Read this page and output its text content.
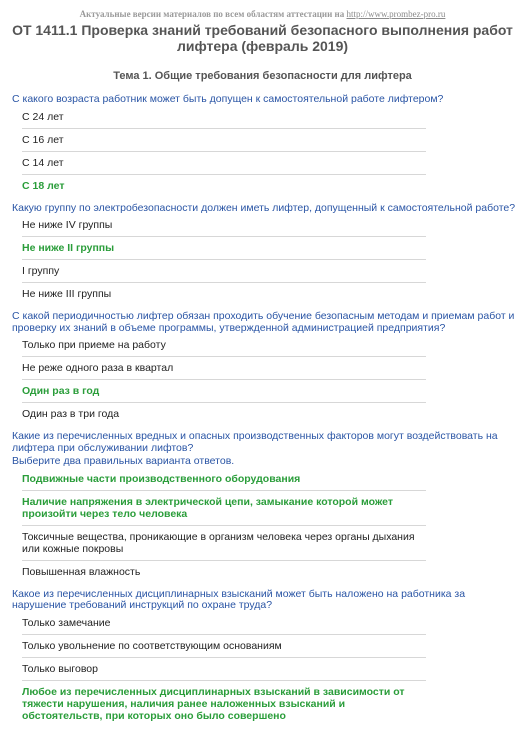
Актуальные версии материалов по всем областям аттестации на http://www.prombez-pro.ru
ОТ 1411.1 Проверка знаний требований безопасного выполнения работ лифтера (февраль 2019)
Тема 1. Общие требования безопасности для лифтера
С какого возраста работник может быть допущен к самостоятельной работе лифтером?
С 24 лет
С 16 лет
С 14 лет
С 18 лет
Какую группу по электробезопасности должен иметь лифтер, допущенный к самостоятельной работе?
Не ниже IV группы
Не ниже II группы
I группу
Не ниже III группы
С какой периодичностью лифтер обязан проходить обучение безопасным методам и приемам работ и проверку их знаний в объеме программы, утвержденной администрацией предприятия?
Только при приеме на работу
Не реже одного раза в квартал
Один раз в год
Один раз в три года
Какие из перечисленных вредных и опасных производственных факторов могут воздействовать на лифтера при обслуживании лифтов?
Выберите два правильных варианта ответов.
Подвижные части производственного оборудования
Наличие напряжения в электрической цепи, замыкание которой может произойти через тело человека
Токсичные вещества, проникающие в организм человека через органы дыхания или кожные покровы
Повышенная влажность
Какое из перечисленных дисциплинарных взысканий может быть наложено на работника за нарушение требований инструкций по охране труда?
Только замечание
Только увольнение по соответствующим основаниям
Только выговор
Любое из перечисленных дисциплинарных взысканий в зависимости от тяжести нарушения, наличия ранее наложенных взысканий и обстоятельств, при которых оно было совершено
